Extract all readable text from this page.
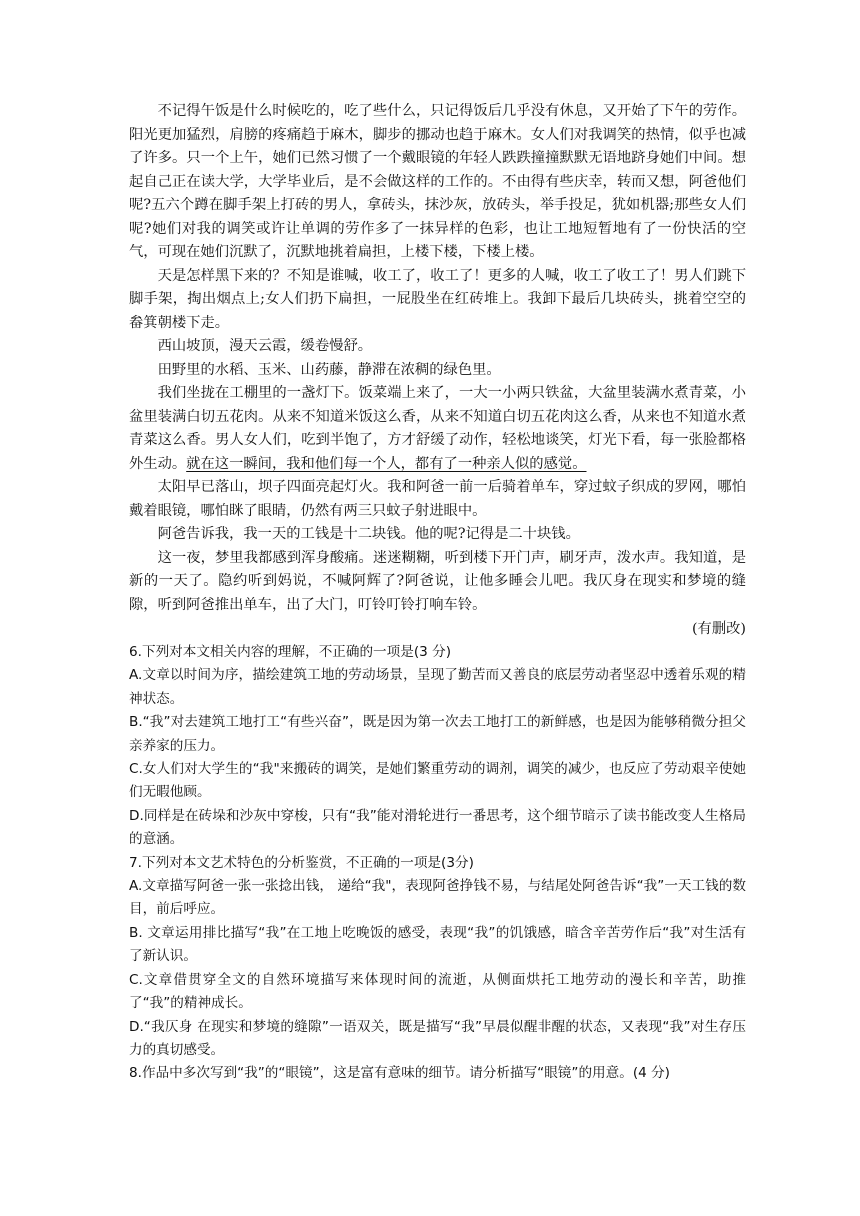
不记得午饭是什么时候吃的，吃了些什么，只记得饭后几乎没有休息，又开始了下午的劳作。阳光更加猛烈，肩膀的疼痛趋于麻木，脚步的挪动也趋于麻木。女人们对我调笑的热情，似乎也减了许多。只一个上午，她们已然习惯了一个戴眼镜的年轻人跌跌撞撞默默无语地跻身她们中间。想起自己正在读大学，大学毕业后，是不会做这样的工作的。不由得有些庆幸，转而又想，阿爸他们呢?五六个蹲在脚手架上打砖的男人，拿砖头，抹沙灰，放砖头，举手投足，犹如机器;那些女人们呢?她们对我的调笑或许让单调的劳作多了一抹异样的色彩，也让工地短暂地有了一份快活的空气，可现在她们沉默了，沉默地挑着扁担，上楼下楼，下楼上楼。

天是怎样黑下来的？不知是谁喊，收工了，收工了！更多的人喊，收工了收工了！男人们跳下脚手架，掏出烟点上;女人们扔下扁担，一屁股坐在红砖堆上。我卸下最后几块砖头，挑着空空的畚箕朝楼下走。

西山坡顶，漫天云霞，缓卷慢舒。

田野里的水稻、玉米、山药藤，静滞在浓稠的绿色里。

我们坐拢在工棚里的一盏灯下。饭菜端上来了，一大一小两只铁盆，大盆里装满水煮青菜，小盆里装满白切五花肉。从来不知道米饭这么香，从来不知道白切五花肉这么香，从来也不知道水煮青菜这么香。男人女人们，吃到半饱了，方才舒缓了动作，轻松地谈笑，灯光下看，每一张脸都格外生动。就在这一瞬间，我和他们每一个人，都有了一种亲人似的感觉。

太阳早已落山，坝子四面亮起灯火。我和阿爸一前一后骑着单车，穿过蚊子织成的罗网，哪怕戴着眼镜，哪怕眯了眼睛，仍然有两三只蚊子射进眼中。

阿爸告诉我，我一天的工钱是十二块钱。他的呢?记得是二十块钱。

这一夜，梦里我都感到浑身酸痛。迷迷糊糊，听到楼下开门声，刷牙声，泼水声。我知道，是新的一天了。隐约听到妈说，不喊阿辉了?阿爸说，让他多睡会儿吧。我仄身在现实和梦境的缝隙，听到阿爸推出单车，出了大门，叮铃叮铃打响车铃。

(有删改)

6.下列对本文相关内容的理解，不正确的一项是(3 分)

A.文章以时间为序，描绘建筑工地的劳动场景，呈现了勤苦而又善良的底层劳动者坚忍中透着乐观的精神状态。

B.“我”对去建筑工地打工“有些兴奋”，既是因为第一次去工地打工的新鲜感，也是因为能够稍微分担父亲养家的压力。

C.女人们对大学生的“我"来搬砖的调笑，是她们繁重劳动的调剂，调笑的减少，也反应了劳动艰辛使她们无暇他顾。

D.同样是在砖垛和沙灰中穿梭，只有“我”能对滑轮进行一番思考，这个细节暗示了读书能改变人生格局的意涵。

7.下列对本文艺术特色的分析鉴赏，不正确的一项是(3分)

A.文章描写阿爸一张一张捻出钱， 递给“我"，表现阿爸挣钱不易，与结尾处阿爸告诉“我”一天工钱的数目，前后呼应。

B. 文章运用排比描写“我”在工地上吃晚饭的感受，表现“我”的饥饿感，暗含辛苦劳作后“我”对生活有了新认识。

C.文章借贯穿全文的自然环境描写来体现时间的流逝，从侧面烘托工地劳动的漫长和辛苦，助推了“我”的精神成长。

D.“我仄身 在现实和梦境的缝隙”一语双关，既是描写“我”早晨似醒非醒的状态，又表现“我”对生存压力的真切感受。

8.作品中多次写到“我”的“眼镜”，这是富有意味的细节。请分析描写“眼镜”的用意。(4 分)
